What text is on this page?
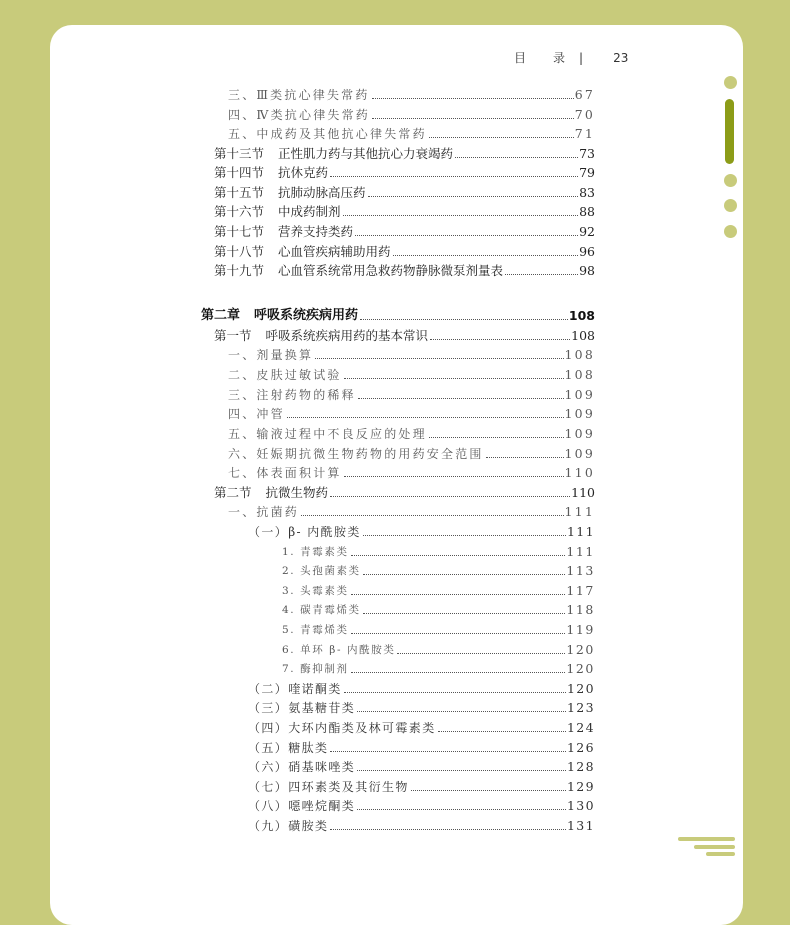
目 录 |	23
三、Ⅲ类抗心律失常药	67
四、Ⅳ类抗心律失常药	70
五、中成药及其他抗心律失常药	71
第十三节 正性肌力药与其他抗心力衰竭药	73
第十四节 抗休克药	79
第十五节 抗肺动脉高压药	83
第十六节 中成药制剂	88
第十七节 营养支持类药	92
第十八节 心血管疾病辅助用药	96
第十九节 心血管系统常用急救药物静脉微泵剂量表	98
第二章 呼吸系统疾病用药	108
第一节 呼吸系统疾病用药的基本常识	108
一、剂量换算	108
二、皮肤过敏试验	108
三、注射药物的稀释	109
四、冲管	109
五、输液过程中不良反应的处理	109
六、妊娠期抗微生物药物的用药安全范围	109
七、体表面积计算	110
第二节 抗微生物药	110
一、抗菌药	111
（一）β- 内酰胺类	111
1. 青霉素类	111
2. 头孢菌素类	113
3. 头霉素类	117
4. 碳青霉烯类	118
5. 青霉烯类	119
6. 单环 β- 内酰胺类	120
7. 酶抑制剂	120
（二）喹诺酮类	120
（三）氨基糖苷类	123
（四）大环内酯类及林可霉素类	124
（五）糖肽类	126
（六）硝基咪唑类	128
（七）四环素类及其衍生物	129
（八）噁唑烷酮类	130
（九）磺胺类	131
